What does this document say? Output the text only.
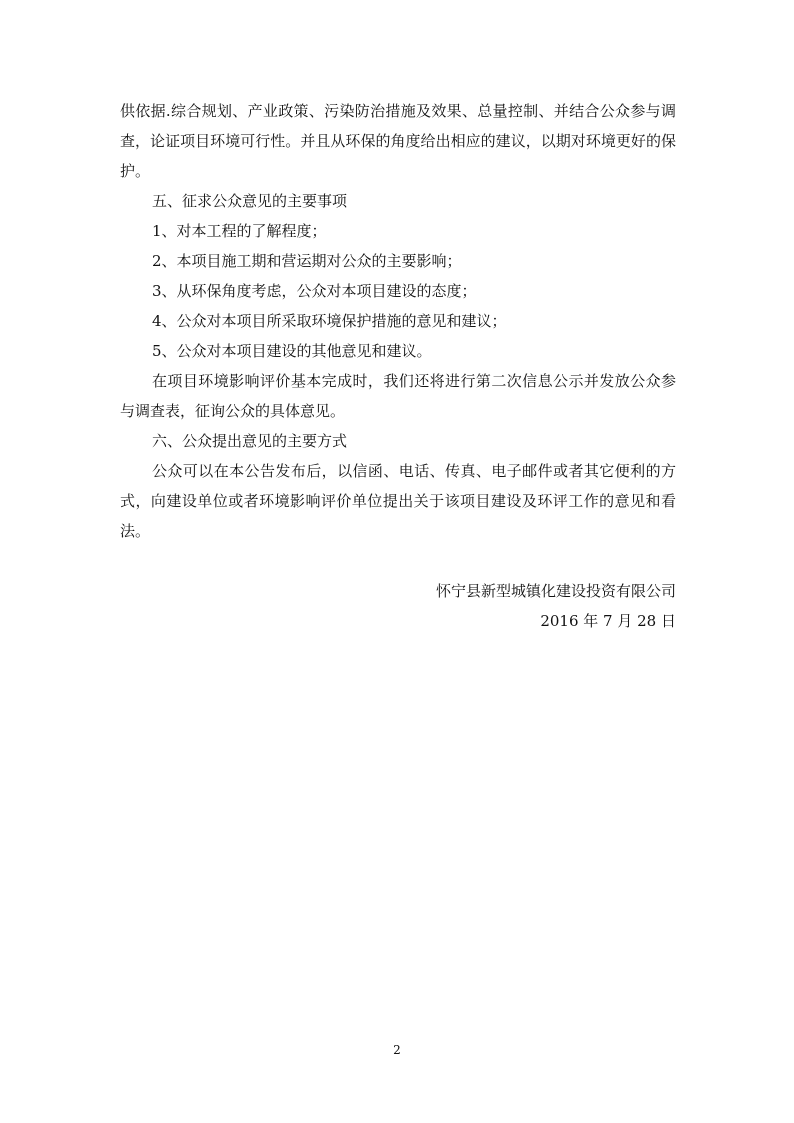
供依据.综合规划、产业政策、污染防治措施及效果、总量控制、并结合公众参与调查，论证项目环境可行性。并且从环保的角度给出相应的建议，以期对环境更好的保护。

五、征求公众意见的主要事项

1、对本工程的了解程度；

2、本项目施工期和营运期对公众的主要影响；

3、从环保角度考虑，公众对本项目建设的态度；

4、公众对本项目所采取环境保护措施的意见和建议；

5、公众对本项目建设的其他意见和建议。

在项目环境影响评价基本完成时，我们还将进行第二次信息公示并发放公众参与调查表，征询公众的具体意见。

六、公众提出意见的主要方式

公众可以在本公告发布后，以信函、电话、传真、电子邮件或者其它便利的方式，向建设单位或者环境影响评价单位提出关于该项目建设及环评工作的意见和看法。

怀宁县新型城镇化建设投资有限公司

2016 年 7 月 28 日

2
